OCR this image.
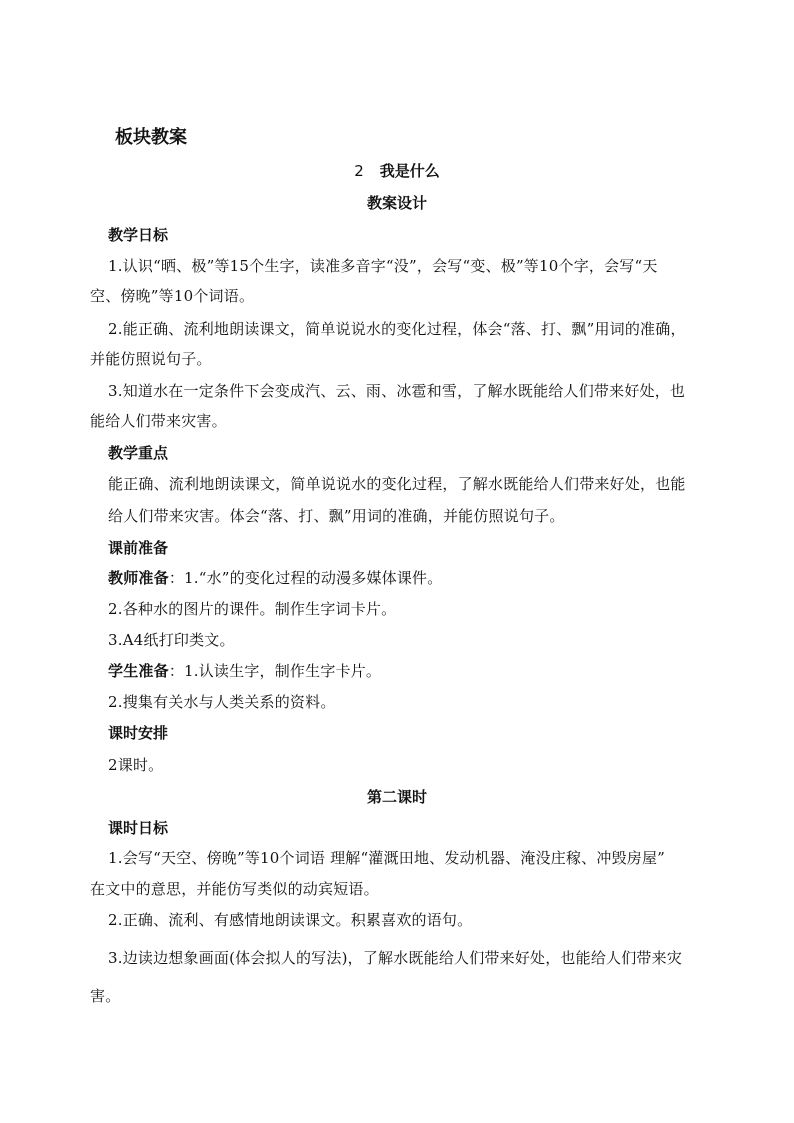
板块教案
2 我是什么
教案设计
教学日标
1.认识“晒、极”等15个生字，读准多音字“没”，会写“变、极”等10个字，会写“天
空、傍晚”等10个词语。
2.能正确、流利地朗读课文，简单说说水的变化过程，体会“落、打、飘”用词的准确，
并能仿照说句子。
3.知道水在一定条件下会变成汽、云、雨、冰雹和雪，了解水既能给人们带来好处，也
能给人们带来灾害。
教学重点
能正确、流利地朗读课文，简单说说水的变化过程，了解水既能给人们带来好处，也能
给人们带来灾害。体会“落、打、飘”用词的准确，并能仿照说句子。
课前准备
教师准备：1.“水”的变化过程的动漫多媒体课件。
2.各种水的图片的课件。制作生字词卡片。
3.A4纸打印类文。
学生准备：1.认读生字，制作生字卡片。
2.搜集有关水与人类关系的资料。
课时安排
2课时。
第二课时
课时日标
1.会写“天空、傍晚”等10个词语 理解“灌溉田地、发动机器、淹没庄稼、冲毁房屋”
在文中的意思，并能仿写类似的动宾短语。
2.正确、流利、有感情地朗读课文。积累喜欢的语句。
3.边读边想象画面(体会拟人的写法)，了解水既能给人们带来好处，也能给人们带来灾
害。
